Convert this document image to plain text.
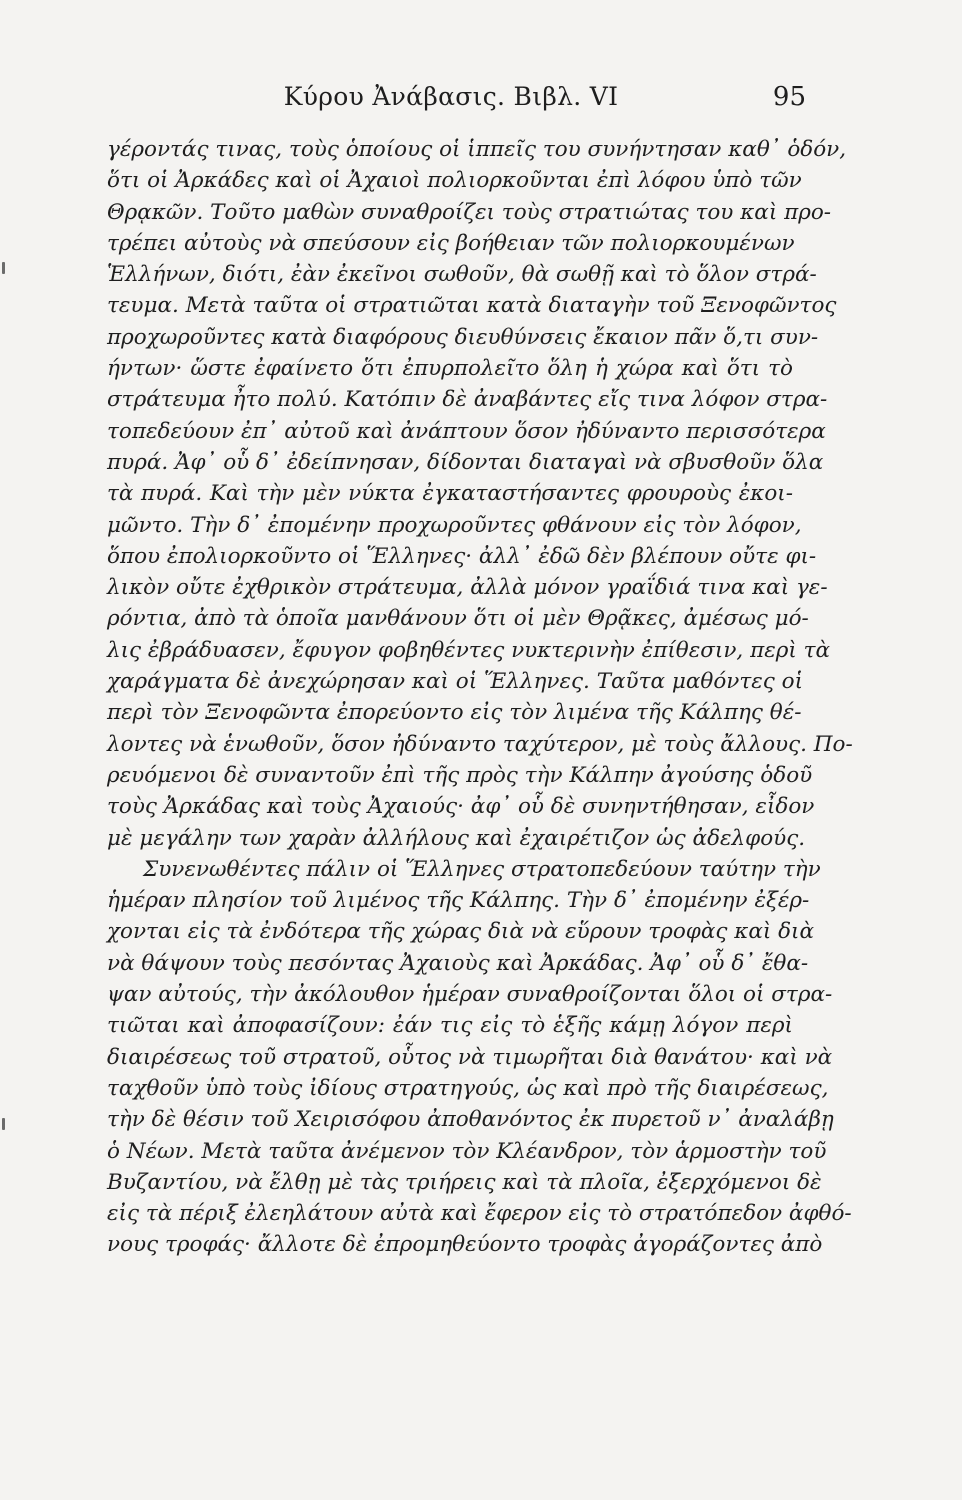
Κύρου Ἀνάβασις. Βιβλ. VI	95
γέροντάς τινας, τοὺς ὁποίους οἱ ἱππεῖς του συνήντησαν καθ᾿ ὁδόν,
ὅτι οἱ Ἀρκάδες καὶ οἱ Ἀχαιοὶ πολιορκοῦνται ἐπὶ λόφου ὑπὸ τῶν
Θρᾳκῶν. Τοῦτο μαθὼν συναθροίζει τοὺς στρατιώτας του καὶ προ-
τρέπει αὐτοὺς νὰ σπεύσουν εἰς βοήθειαν τῶν πολιορκουμένων
Ἑλλήνων, διότι, ἐὰν ἐκεῖνοι σωθοῦν, θὰ σωθῇ καὶ τὸ ὅλον στρά-
τευμα. Μετὰ ταῦτα οἱ στρατιῶται κατὰ διαταγὴν τοῦ Ξενοφῶντος
προχωροῦντες κατὰ διαφόρους διευθύνσεις ἔκαιον πᾶν ὅ,τι συν-
ήντων· ὥστε ἐφαίνετο ὅτι ἐπυρπολεῖτο ὅλη ἡ χώρα καὶ ὅτι τὸ
στράτευμα ἦτο πολύ. Κατόπιν δὲ ἀναβάντες εἴς τινα λόφον στρα-
τοπεδεύουν ἐπ᾿ αὐτοῦ καὶ ἀνάπτουν ὅσον ἠδύναντο περισσότερα
πυρά. Ἀφ᾿ οὗ δ᾿ ἐδείπνησαν, δίδονται διαταγαὶ νὰ σβυσθοῦν ὅλα
τὰ πυρά. Καὶ τὴν μὲν νύκτα ἐγκαταστήσαντες φρουροὺς ἐκοι-
μῶντο. Τὴν δ᾿ ἐπομένην προχωροῦντες φθάνουν εἰς τὸν λόφον,
ὅπου ἐπολιορκοῦντο οἱ Ἕλληνες· ἀλλ᾿ ἐδῶ δὲν βλέπουν οὔτε φι-
λικὸν οὔτε ἐχθρικὸν στράτευμα, ἀλλὰ μόνον γραΐδιά τινα καὶ γε-
ρόντια, ἀπὸ τὰ ὁποῖα μανθάνουν ὅτι οἱ μὲν Θρᾷκες, ἀμέσως μό-
λις ἐβράδυασεν, ἔφυγον φοβηθέντες νυκτερινὴν ἐπίθεσιν, περὶ τὰ
χαράγματα δὲ ἀνεχώρησαν καὶ οἱ Ἕλληνες. Ταῦτα μαθόντες οἱ
περὶ τὸν Ξενοφῶντα ἐπορεύοντο εἰς τὸν λιμένα τῆς Κάλπης θέ-
λοντες νὰ ἑνωθοῦν, ὅσον ἠδύναντο ταχύτερον, μὲ τοὺς ἄλλους. Πο-
ρευόμενοι δὲ συναντοῦν ἐπὶ τῆς πρὸς τὴν Κάλπην ἀγούσης ὁδοῦ
τοὺς Ἀρκάδας καὶ τοὺς Ἀχαιούς· ἀφ᾿ οὗ δὲ συνηντήθησαν, εἶδον
μὲ μεγάλην των χαρὰν ἀλλήλους καὶ ἐχαιρέτιζον ὡς ἀδελφούς.
Συνενωθέντες πάλιν οἱ Ἕλληνες στρατοπεδεύουν ταύτην τὴν
ἡμέραν πλησίον τοῦ λιμένος τῆς Κάλπης. Τὴν δ᾿ ἐπομένην ἐξέρ-
χονται εἰς τὰ ἐνδότερα τῆς χώρας διὰ νὰ εὕρουν τροφὰς καὶ διὰ
νὰ θάψουν τοὺς πεσόντας Ἀχαιοὺς καὶ Ἀρκάδας. Ἀφ᾿ οὗ δ᾿ ἔθα-
ψαν αὐτούς, τὴν ἀκόλουθον ἡμέραν συναθροίζονται ὅλοι οἱ στρα-
τιῶται καὶ ἀποφασίζουν: ἐάν τις εἰς τὸ ἑξῆς κάμῃ λόγον περὶ
διαιρέσεως τοῦ στρατοῦ, οὗτος νὰ τιμωρῆται διὰ θανάτου· καὶ νὰ
ταχθοῦν ὑπὸ τοὺς ἰδίους στρατηγούς, ὡς καὶ πρὸ τῆς διαιρέσεως,
τὴν δὲ θέσιν τοῦ Χειρισόφου ἀποθανόντος ἐκ πυρετοῦ ν᾿ ἀναλάβῃ
ὁ Νέων. Μετὰ ταῦτα ἀνέμενον τὸν Κλέανδρον, τὸν ἁρμοστὴν τοῦ
Βυζαντίου, νὰ ἔλθῃ μὲ τὰς τριήρεις καὶ τὰ πλοῖα, ἐξερχόμενοι δὲ
εἰς τὰ πέριξ ἐλεηλάτουν αὐτὰ καὶ ἔφερον εἰς τὸ στρατόπεδον ἀφθό-
νους τροφάς· ἄλλοτε δὲ ἐπρομηθεύοντο τροφὰς ἀγοράζοντες ἀπὸ
